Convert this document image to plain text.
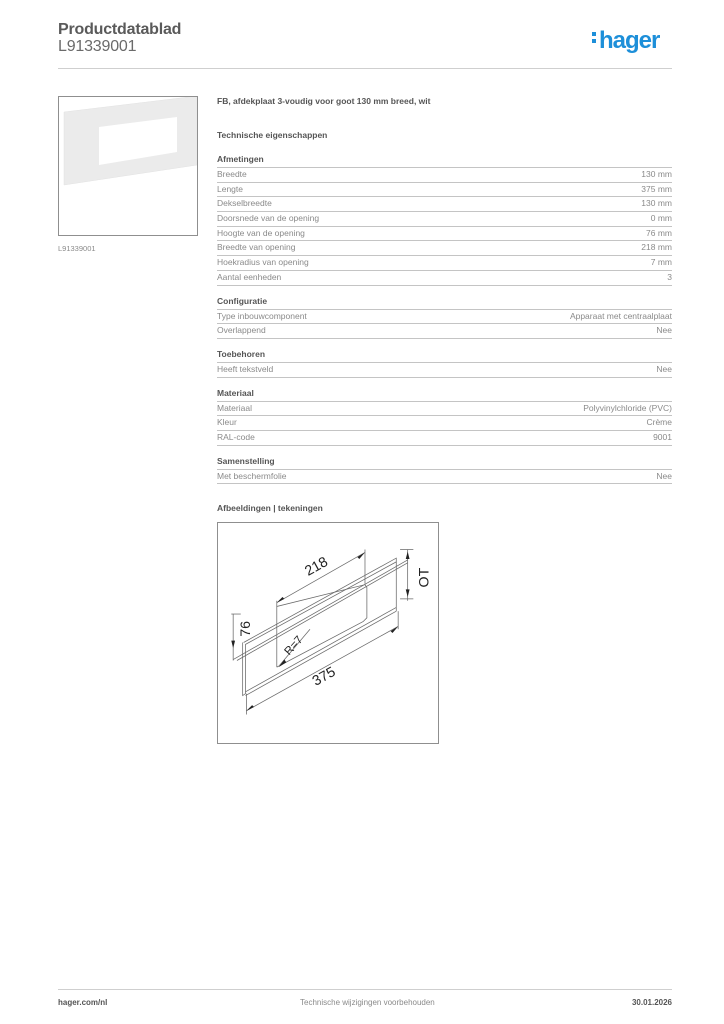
Productdatablad
L91339001	hager
L91339001
FB, afdekplaat 3-voudig voor goot 130 mm breed, wit
Technische eigenschappen
Afmetingen
Breedte	130 mm
Lengte	375 mm
Dekselbreedte	130 mm
Doorsnede van de opening	0 mm
Hoogte van de opening	76 mm
Breedte van opening	218 mm
Hoekradius van opening	7 mm
Aantal eenheden	3
Configuratie
Type inbouwcomponent	Apparaat met centraalplaat
Overlappend	Nee
Toebehoren
Heeft tekstveld	Nee
Materiaal
Materiaal	Polyvinylchloride (PVC)
Kleur	Crème
RAL-code	9001
Samenstelling
Met beschermfolie	Nee
Afbeeldingen | tekeningen
218
76
R=7
375
OT
hager.com/nl	Technische wijzigingen voorbehouden	30.01.2026
